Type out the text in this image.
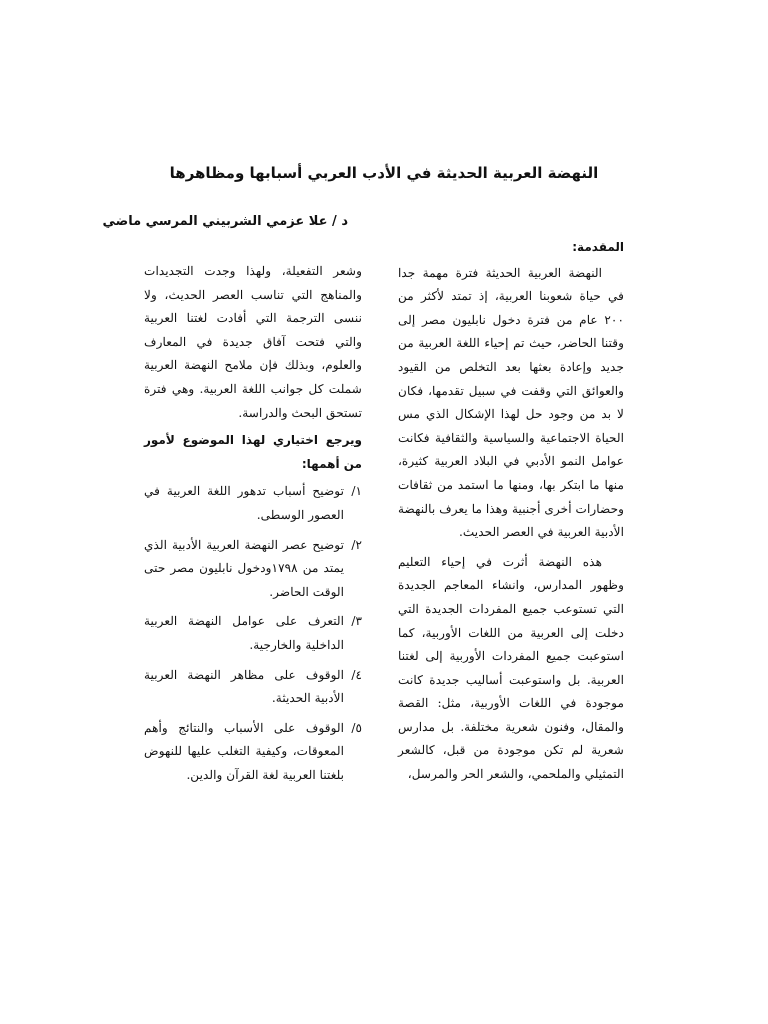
النهضة العربية الحديثة في الأدب العربي أسبابها ومظاهرها
د / علا عزمي الشربيني المرسي ماضي
المقدمة:

النهضة العربية الحديثة فترة مهمة جدا في حياة شعوبنا العربية، إذ تمتد لأكثر من ٢٠٠ عام من فترة دخول نابليون مصر إلى وقتنا الحاضر، حيث تم إحياء اللغة العربية من جديد وإعادة بعثها بعد التخلص من القيود والعوائق التي وقفت في سبيل تقدمها، فكان لا بد من وجود حل لهذا الإشكال الذي مس الحياة الاجتماعية والسياسية والثقافية فكانت عوامل النمو الأدبي في البلاد العربية كثيرة، منها ما ابتكر بها، ومنها ما استمد من ثقافات وحضارات أخرى أجنبية وهذا ما يعرف بالنهضة الأدبية العربية في العصر الحديث.

هذه النهضة أثرت في إحياء التعليم وظهور المدارس، وانشاء المعاجم الجديدة التي تستوعب جميع المفردات الجديدة التي دخلت إلى العربية من اللغات الأوربية، كما استوعبت جميع المفردات الأوربية إلى لغتنا العربية. بل واستوعبت أساليب جديدة كانت موجودة في اللغات الأوربية، مثل: القصة والمقال، وفنون شعرية مختلفة. بل مدارس شعرية لم تكن موجودة من قبل، كالشعر التمثيلي والملحمي، والشعر الحر والمرسل،

وشعر التفعيلة، ولهذا وجدت التجديدات والمناهج التي تناسب العصر الحديث، ولا ننسى الترجمة التي أفادت لغتنا العربية والتي فتحت آفاق جديدة في المعارف والعلوم، وبذلك فإن ملامح النهضة العربية شملت كل جوانب اللغة العربية. وهي فترة تستحق البحث والدراسة.

ويرجع اختياري لهذا الموضوع لأمور من أهمها:

١/
توضيح أسباب تدهور اللغة العربية في العصور الوسطى.
٢/
توضيح عصر النهضة العربية الأدبية الذي يمتد من ١٧٩٨ودخول نابليون مصر حتى الوقت الحاضر.
٣/
التعرف على عوامل النهضة العربية الداخلية والخارجية.
٤/
الوقوف على مظاهر النهضة العربية الأدبية الحديثة.
٥/
الوقوف على الأسباب والنتائج وأهم المعوقات، وكيفية التغلب عليها للنهوض بلغتنا العربية لغة القرآن والدين.
